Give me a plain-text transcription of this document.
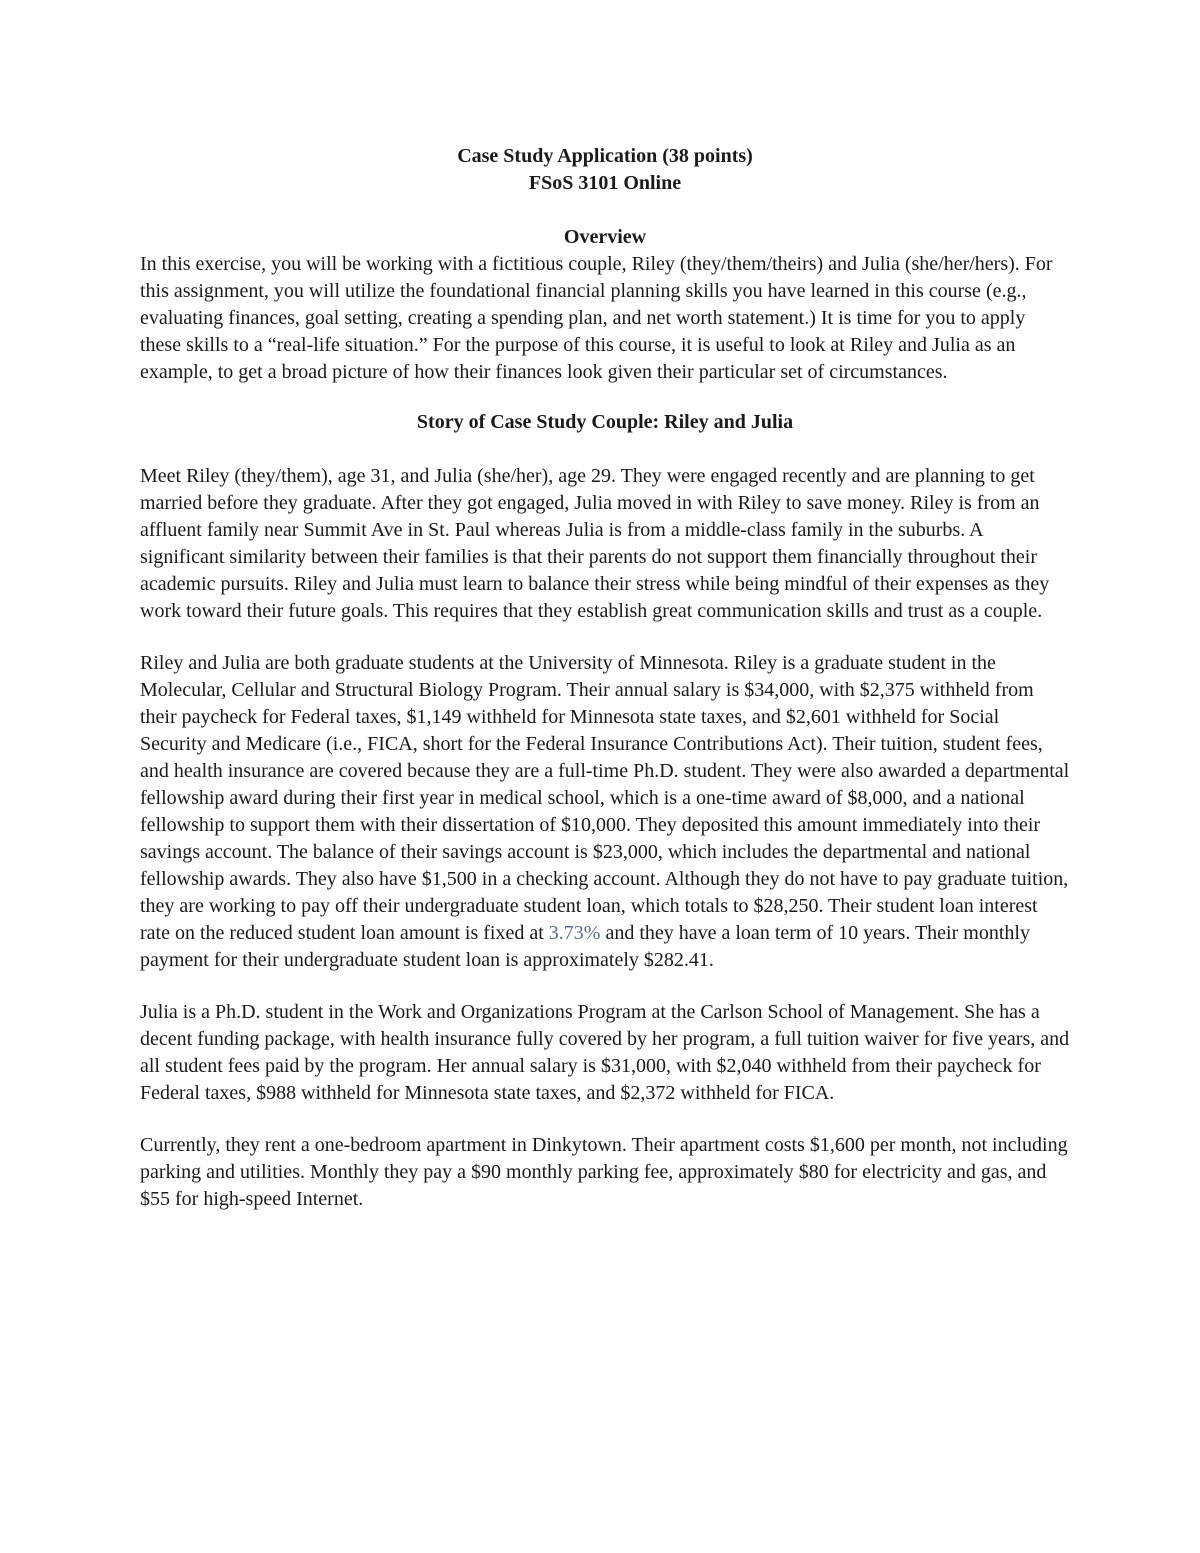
Case Study Application (38 points)

FSoS 3101 Online

Overview

In this exercise, you will be working with a fictitious couple, Riley (they/them/theirs) and Julia (she/her/hers). For this assignment, you will utilize the foundational financial planning skills you have learned in this course (e.g., evaluating finances, goal setting, creating a spending plan, and net worth statement.) It is time for you to apply these skills to a “real-life situation.” For the purpose of this course, it is useful to look at Riley and Julia as an example, to get a broad picture of how their finances look given their particular set of circumstances.

Story of Case Study Couple: Riley and Julia

Meet Riley (they/them), age 31, and Julia (she/her), age 29. They were engaged recently and are planning to get married before they graduate. After they got engaged, Julia moved in with Riley to save money. Riley is from an affluent family near Summit Ave in St. Paul whereas Julia is from a middle-class family in the suburbs. A significant similarity between their families is that their parents do not support them financially throughout their academic pursuits. Riley and Julia must learn to balance their stress while being mindful of their expenses as they work toward their future goals. This requires that they establish great communication skills and trust as a couple.

Riley and Julia are both graduate students at the University of Minnesota. Riley is a graduate student in the Molecular, Cellular and Structural Biology Program. Their annual salary is $34,000, with $2,375 withheld from their paycheck for Federal taxes, $1,149 withheld for Minnesota state taxes, and $2,601 withheld for Social Security and Medicare (i.e., FICA, short for the Federal Insurance Contributions Act). Their tuition, student fees, and health insurance are covered because they are a full-time Ph.D. student. They were also awarded a departmental fellowship award during their first year in medical school, which is a one-time award of $8,000, and a national fellowship to support them with their dissertation of $10,000. They deposited this amount immediately into their savings account. The balance of their savings account is $23,000, which includes the departmental and national fellowship awards. They also have $1,500 in a checking account. Although they do not have to pay graduate tuition, they are working to pay off their undergraduate student loan, which totals to $28,250. Their student loan interest rate on the reduced student loan amount is fixed at 3.73% and they have a loan term of 10 years. Their monthly payment for their undergraduate student loan is approximately $282.41.

Julia is a Ph.D. student in the Work and Organizations Program at the Carlson School of Management. She has a decent funding package, with health insurance fully covered by her program, a full tuition waiver for five years, and all student fees paid by the program. Her annual salary is $31,000, with $2,040 withheld from their paycheck for Federal taxes, $988 withheld for Minnesota state taxes, and $2,372 withheld for FICA.

Currently, they rent a one-bedroom apartment in Dinkytown. Their apartment costs $1,600 per month, not including parking and utilities. Monthly they pay a $90 monthly parking fee, approximately $80 for electricity and gas, and $55 for high-speed Internet.
